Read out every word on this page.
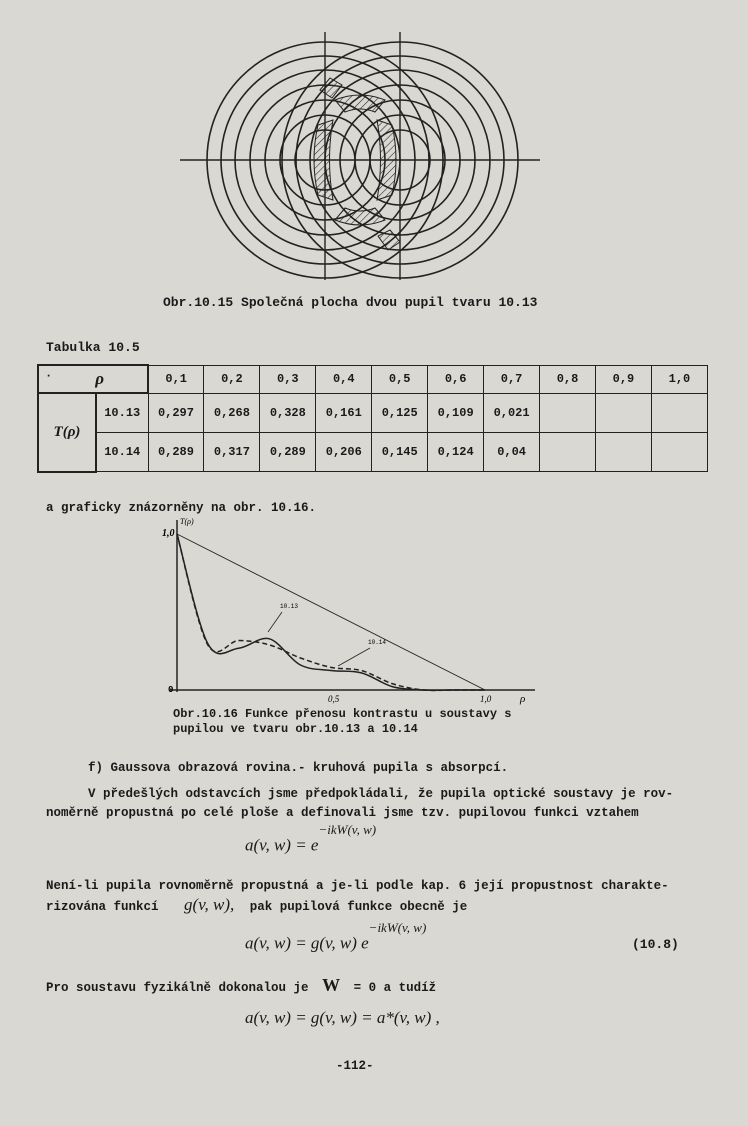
Obr.10.15 Společná plocha dvou pupil tvaru 10.13
Tabulka 10.5
· ρ		0,1	0,2	0,3	0,4	0,5	0,6	0,7	0,8	0,9	1,0
T(ρ)	10.13	0,297	0,268	0,328	0,161	0,125	0,109	0,021			
	10.14	0,289	0,317	0,289	0,206	0,145	0,124	0,04			
a graficky znázorněny na obr. 10.16.
T(ρ)
1,0
0
0,5	1,0	ρ
10.13
10.14
Obr.10.16 Funkce přenosu kontrastu u soustavy s pupilou ve tvaru obr.10.13 a 10.14
f) Gaussova obrazová rovina.- kruhová pupila s absorpcí.
V předešlých odstavcích jsme předpokládali, že pupila optické soustavy je rov-
noměrně propustná po celé ploše a definovali jsme tzv. pupilovou funkci vztahem
a(v, $w) = e^{-ikW(v, w)}$
Není-li pupila rovnoměrně propustná a je-li podle kap. 6 její propustnost charakte-
rizována funkcí g(v, w), pak pupilová funkce obecně je
a(v, w) = g(v, w) $e^{-ikW(v, w)}$
(10.8)
Pro soustavu fyzikálně dokonalou je W = 0 a tudíž
a(v, w) = g(v, w) = a*(v, w) ,
-112-
